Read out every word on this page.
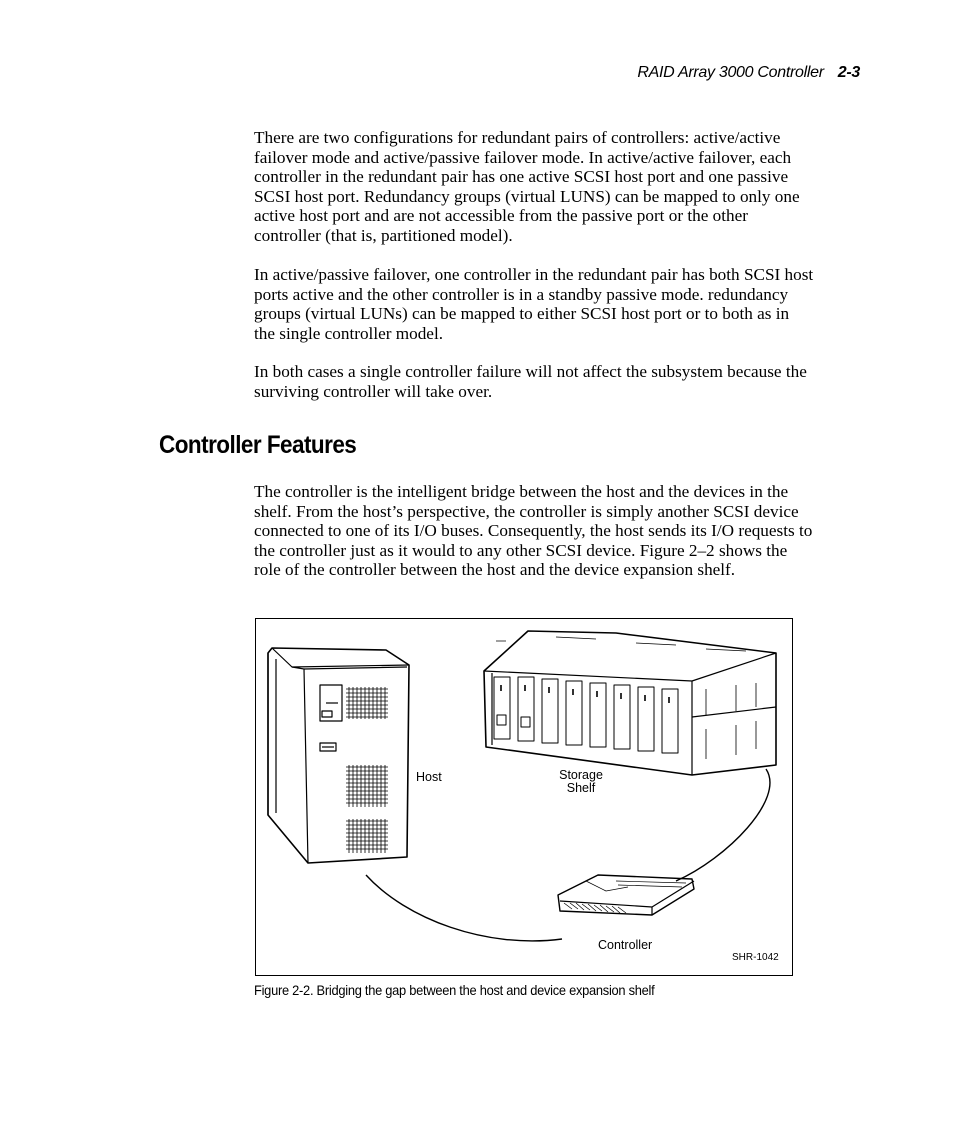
RAID Array 3000 Controller 2-3

There are two configurations for redundant pairs of controllers: active/active failover mode and active/passive failover mode. In active/active failover, each controller in the redundant pair has one active SCSI host port and one passive SCSI host port. Redundancy groups (virtual LUNS) can be mapped to only one active host port and are not accessible from the passive port or the other controller (that is, partitioned model).

In active/passive failover, one controller in the redundant pair has both SCSI host ports active and the other controller is in a standby passive mode. redundancy groups (virtual LUNs) can be mapped to either SCSI host port or to both as in the single controller model.

In both cases a single controller failure will not affect the subsystem because the surviving controller will take over.

Controller Features

The controller is the intelligent bridge between the host and the devices in the shelf. From the host’s perspective, the controller is simply another SCSI device connected to one of its I/O buses. Consequently, the host sends its I/O requests to the controller just as it would to any other SCSI device. Figure 2–2 shows the role of the controller between the host and the device expansion shelf.

Host	Storage
Shelf
Controller
SHR-1042
Figure 2-2. Bridging the gap between the host and device expansion shelf
